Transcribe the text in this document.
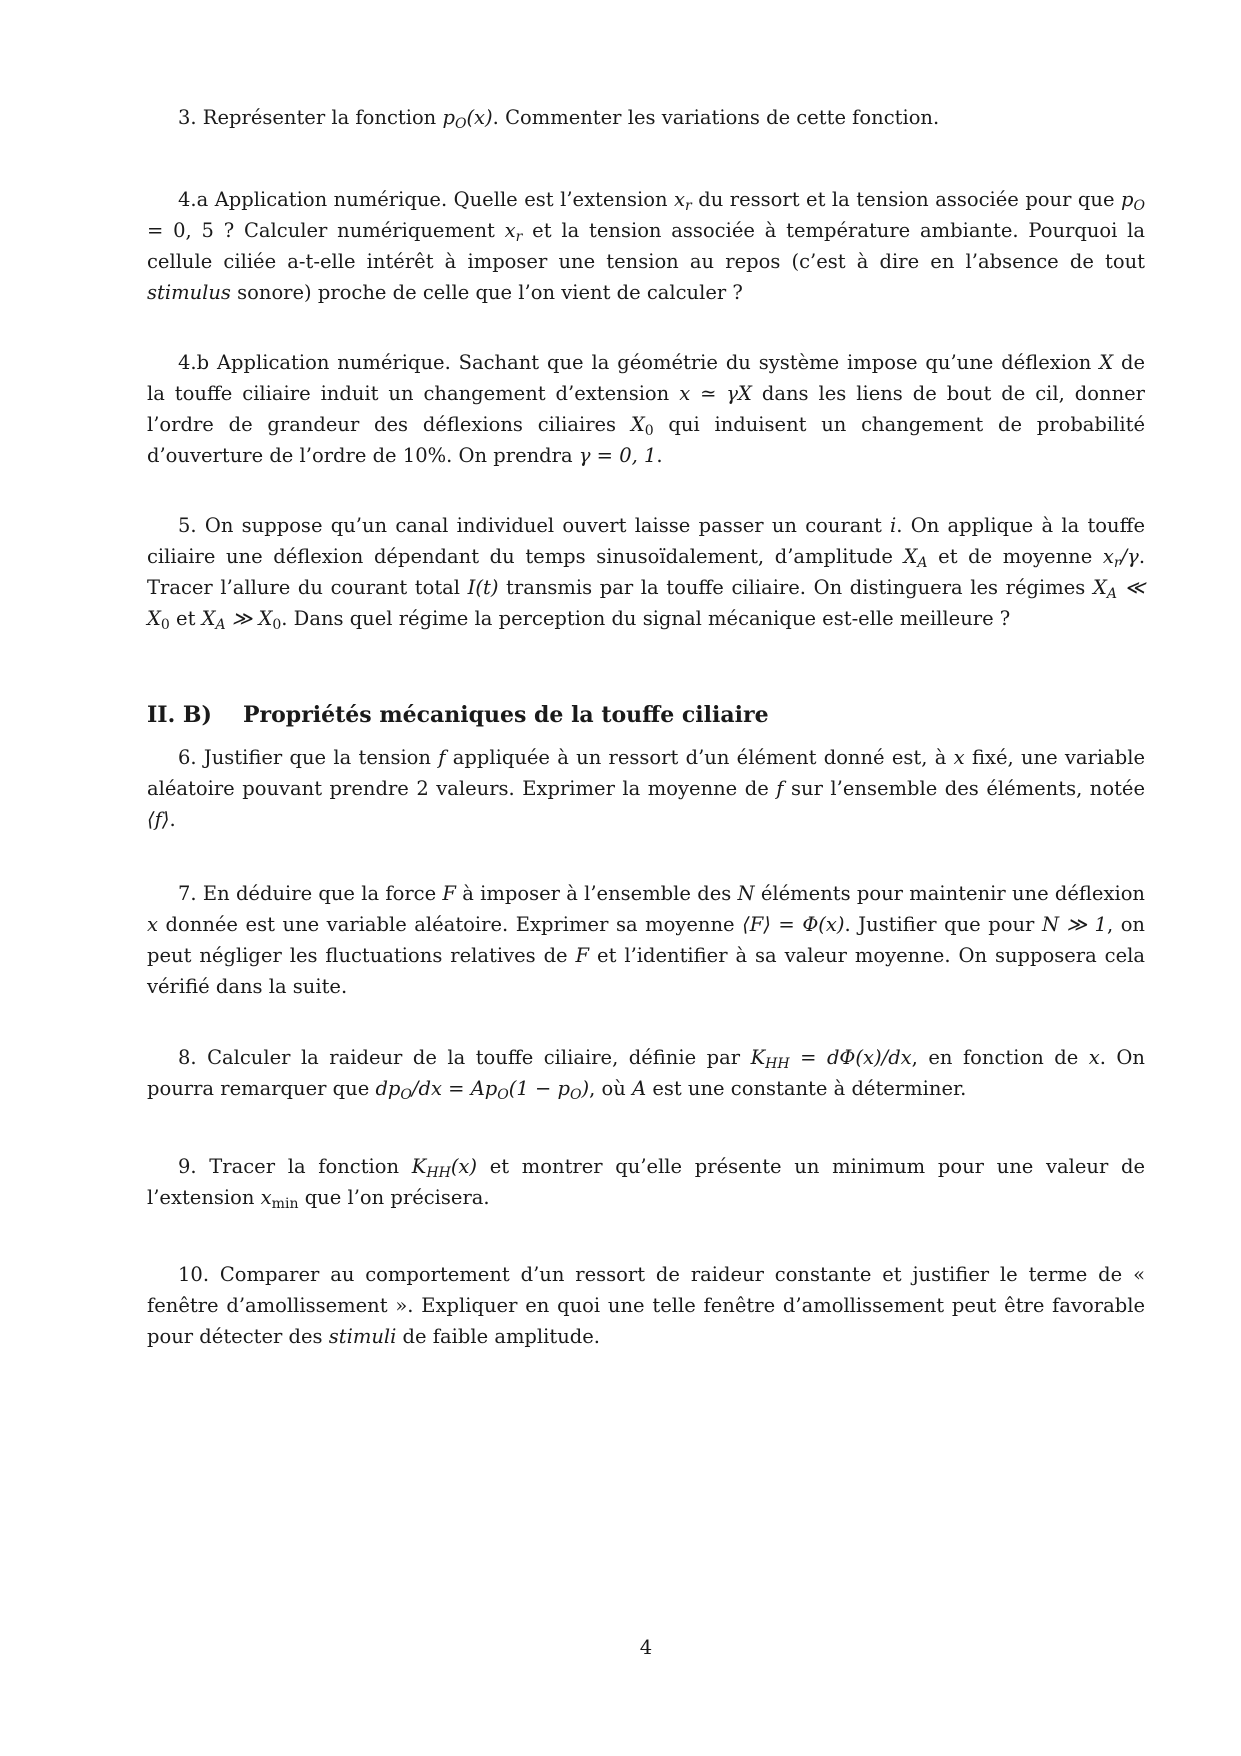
3. Représenter la fonction $p_O(x)$. Commenter les variations de cette fonction.

4.a Application numérique. Quelle est l’extension $x_r$ du ressort et la tension associée pour que $p_O = 0$, 5 ? Calculer numériquement $x_r$ et la tension associée à température ambiante. Pourquoi la cellule ciliée a-t-elle intérêt à imposer une tension au repos (c’est à dire en l’absence de tout stimulus sonore) proche de celle que l’on vient de calculer ?

4.b Application numérique. Sachant que la géométrie du système impose qu’une déflexion X de la touffe ciliaire induit un changement d’extension x ≃ γX dans les liens de bout de cil, donner l’ordre de grandeur des déflexions ciliaires $X_0$ qui induisent un changement de probabilité d’ouverture de l’ordre de 10%. On prendra γ = 0, 1.

5. On suppose qu’un canal individuel ouvert laisse passer un courant i. On applique à la touffe ciliaire une déflexion dépendant du temps sinusoïdalement, d’amplitude $X_A$ et de moyenne $x_r/\gamma$. Tracer l’allure du courant total I(t) transmis par la touffe ciliaire. On distinguera les régimes $X_A$ ≪ $X_0$ et $X_A$ ≫ $X_0$. Dans quel régime la perception du signal mécanique est-elle meilleure ?

II. B) Propriétés mécaniques de la touffe ciliaire

6. Justifier que la tension f appliquée à un ressort d’un élément donné est, à x fixé, une variable aléatoire pouvant prendre 2 valeurs. Exprimer la moyenne de f sur l’ensemble des éléments, notée ⟨f⟩.

7. En déduire que la force F à imposer à l’ensemble des N éléments pour maintenir une déflexion x donnée est une variable aléatoire. Exprimer sa moyenne ⟨F⟩ = Φ(x). Justifier que pour N ≫ 1, on peut négliger les fluctuations relatives de F et l’identifier à sa valeur moyenne. On supposera cela vérifié dans la suite.

8. Calculer la raideur de la touffe ciliaire, définie par $K_{HH} = d\Phi(x)/dx$, en fonction de x. On pourra remarquer que $dp_O/dx = Ap_O(1 - p_O)$, où A est une constante à déterminer.

9. Tracer la fonction $K_{HH}(x)$ et montrer qu’elle présente un minimum pour une valeur de l’extension $x_{min}$ que l’on précisera.

10. Comparer au comportement d’un ressort de raideur constante et justifier le terme de « fenêtre d’amollissement ». Expliquer en quoi une telle fenêtre d’amollissement peut être favorable pour détecter des stimuli de faible amplitude.

4
